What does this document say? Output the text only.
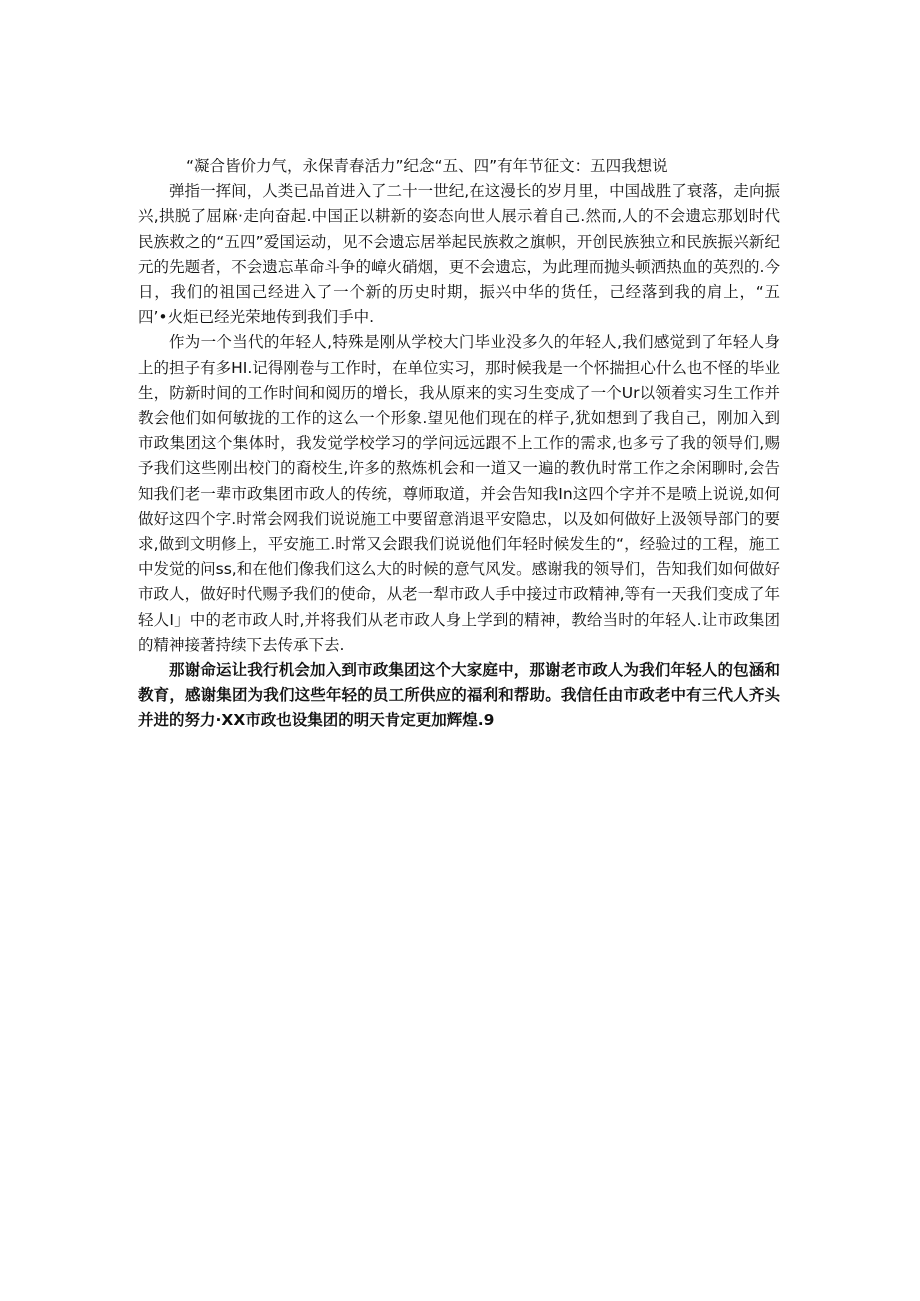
“凝合皆价力气，永保青春活力”纪念“五、四”有年节征文：五四我想说

弹指一挥间，人类已品首进入了二十一世纪,在这漫长的岁月里，中国战胜了衰落，走向振兴,拱脱了屈麻·走向奋起.中国正以耕新的姿态向世人展示着自己.然而,人的不会遗忘那划时代民族救之的“五四”爱国运动，见不会遗忘居举起民族救之旗帜，开创民族独立和民族振兴新纪元的先题者，不会遗忘革命斗争的嶂火硝烟，更不会遗忘，为此理而抛头顿洒热血的英烈的.今日，我们的祖国己经进入了一个新的历史时期，振兴中华的货任，己经落到我的肩上，“五四’•火炬已经光荣地传到我们手中.

作为一个当代的年轻人,特殊是刚从学校大门毕业没多久的年轻人,我们感觉到了年轻人身上的担子有多HI.记得刚卷与工作时，在单位实习，那时候我是一个怀揣担心什么也不怪的毕业生，防新时间的工作时间和阅历的增长，我从原来的实习生变成了一个Ur以领着实习生工作并教会他们如何敏拢的工作的这么一个形象.望见他们现在的样子,犹如想到了我自己，刚加入到市政集团这个集体时，我发觉学校学习的学问远远跟不上工作的需求,也多亏了我的领导们,赐予我们这些刚出校门的裔校生,许多的熬炼机会和一道又一遍的教仇时常工作之余闲聊时,会告知我们老一辈市政集团市政人的传统，尊师取道，并会告知我In这四个字并不是喷上说说,如何做好这四个字.时常会网我们说说施工中要留意消退平安隐忠，以及如何做好上汲领导部门的要求,做到文明修上，平安施工.时常又会跟我们说说他们年轻时候发生的“，经验过的工程，施工中发觉的问ss,和在他们像我们这么大的时候的意气风发。感谢我的领导们，告知我们如何做好市政人，做好时代赐予我们的使命，从老一犁市政人手中接过市政精神,等有一天我们变成了年轻人I」中的老市政人时,并将我们从老市政人身上学到的精神，教给当时的年轻人.让市政集团的精神接著持续下去传承下去.

那谢命运让我行机会加入到市政集团这个大家庭中，那谢老市政人为我们年轻人的包涵和教育，感谢集团为我们这些年轻的员工所供应的福利和帮助。我信任由市政老中有三代人齐头并进的努力·XX市政也设集团的明天肯定更加辉煌.9
